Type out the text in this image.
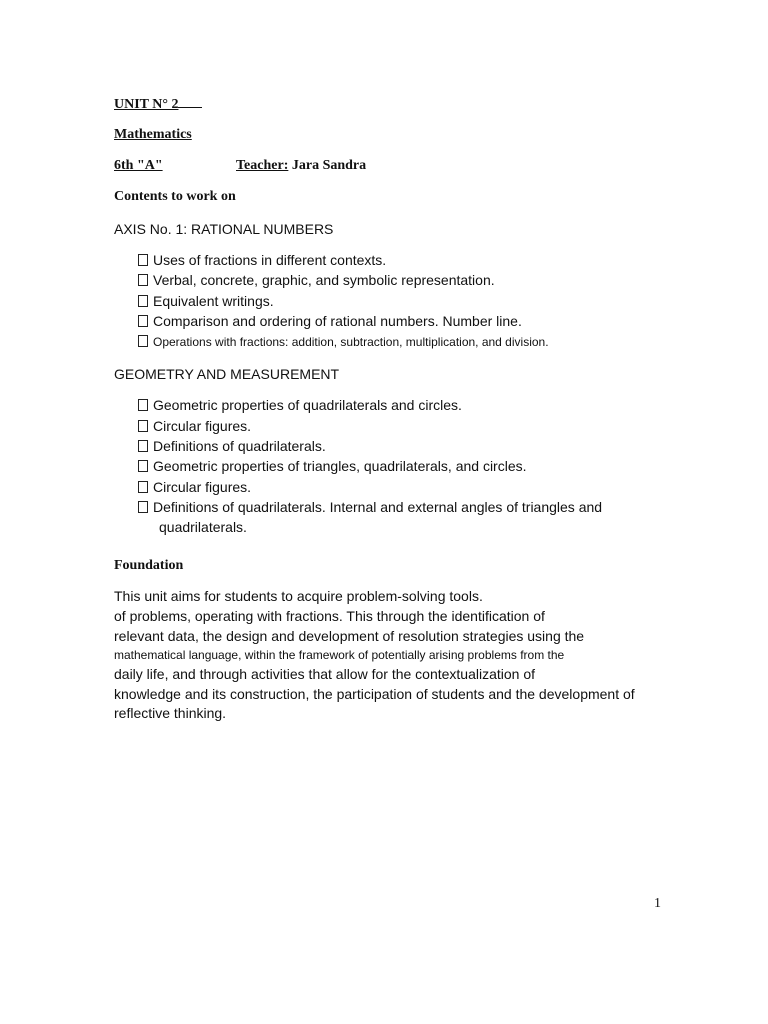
UNIT N° 2
Mathematics
6th "A"	Teacher: Jara Sandra
Contents to work on
AXIS No. 1: RATIONAL NUMBERS
Uses of fractions in different contexts.
Verbal, concrete, graphic, and symbolic representation.
Equivalent writings.
Comparison and ordering of rational numbers. Number line.
Operations with fractions: addition, subtraction, multiplication, and division.
GEOMETRY AND MEASUREMENT
Geometric properties of quadrilaterals and circles.
Circular figures.
Definitions of quadrilaterals.
Geometric properties of triangles, quadrilaterals, and circles.
Circular figures.
Definitions of quadrilaterals. Internal and external angles of triangles and
quadrilaterals.
Foundation
This unit aims for students to acquire problem-solving tools.
of problems, operating with fractions. This through the identification of
relevant data, the design and development of resolution strategies using the
mathematical language, within the framework of potentially arising problems from the
daily life, and through activities that allow for the contextualization of
knowledge and its construction, the participation of students and the development of
reflective thinking.
1
